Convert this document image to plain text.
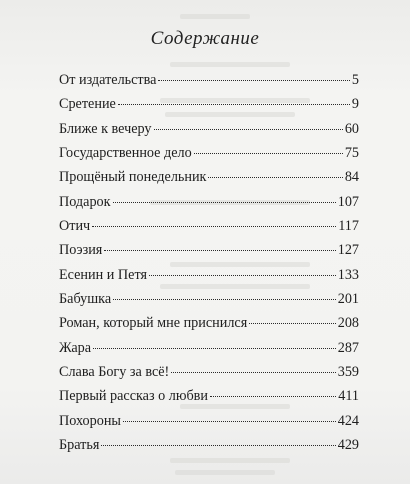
Содержание
От издательства	5
Сретение	9
Ближе к вечеру	60
Государственное дело	75
Прощёный понедельник	84
Подарок	107
Отич	117
Поэзия	127
Есенин и Петя	133
Бабушка	201
Роман, который мне приснился	208
Жара	287
Слава Богу за всё!	359
Первый рассказ о любви	411
Похороны	424
Братья	429
